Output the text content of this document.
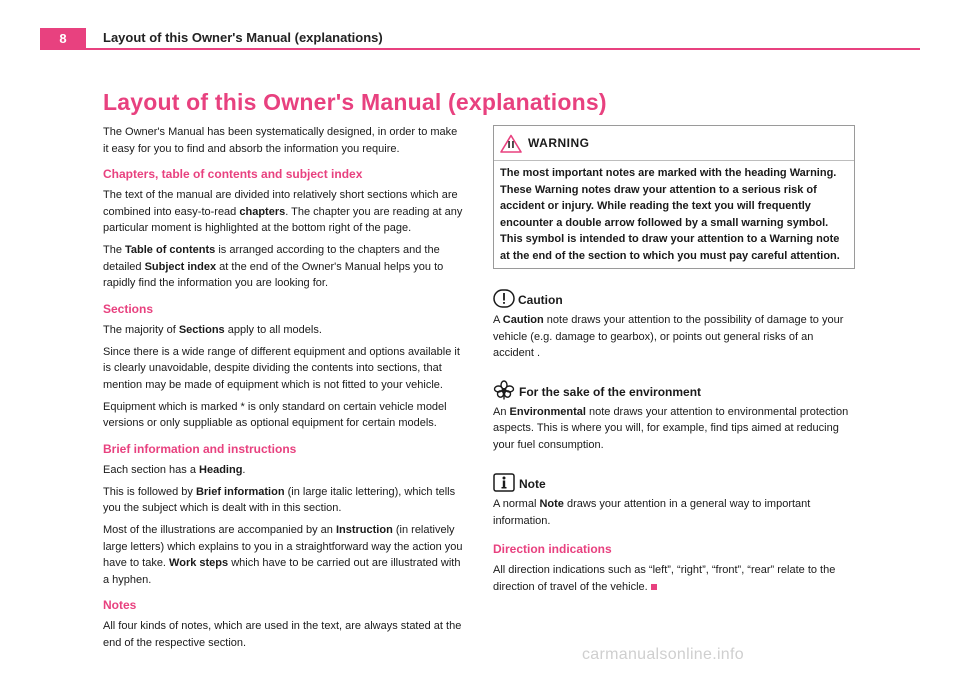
8	Layout of this Owner's Manual (explanations)
Layout of this Owner's Manual (explanations)

The Owner's Manual has been systematically designed, in order to make it easy for you to find and absorb the information you require.

Chapters, table of contents and subject index

The text of the manual are divided into relatively short sections which are combined into easy-to-read chapters. The chapter you are reading at any particular moment is highlighted at the bottom right of the page.

The Table of contents is arranged according to the chapters and the detailed Subject index at the end of the Owner's Manual helps you to rapidly find the information you are looking for.

Sections

The majority of Sections apply to all models.

Since there is a wide range of different equipment and options available it is clearly unavoidable, despite dividing the contents into sections, that mention may be made of equipment which is not fitted to your vehicle.

Equipment which is marked * is only standard on certain vehicle model versions or only suppliable as optional equipment for certain models.

Brief information and instructions

Each section has a Heading.

This is followed by Brief information (in large italic lettering), which tells you the subject which is dealt with in this section.

Most of the illustrations are accompanied by an Instruction (in relatively large letters) which explains to you in a straightforward way the action you have to take. Work steps which have to be carried out are illustrated with a hyphen.

Notes

All four kinds of notes, which are used in the text, are always stated at the end of the respective section.

WARNING
The most important notes are marked with the heading Warning. These Warning notes draw your attention to a serious risk of accident or injury. While reading the text you will frequently encounter a double arrow followed by a small warning symbol. This symbol is intended to draw your attention to a Warning note at the end of the section to which you must pay careful attention.
Caution

A Caution note draws your attention to the possibility of damage to your vehicle (e.g. damage to gearbox), or points out general risks of an accident .

For the sake of the environment

An Environmental note draws your attention to environmental protection aspects. This is where you will, for example, find tips aimed at reducing your fuel consumption.

Note

A normal Note draws your attention in a general way to important information.

Direction indications

All direction indications such as “left”, “right”, “front”, “rear” relate to the direction of travel of the vehicle.

carmanualsonline.info
